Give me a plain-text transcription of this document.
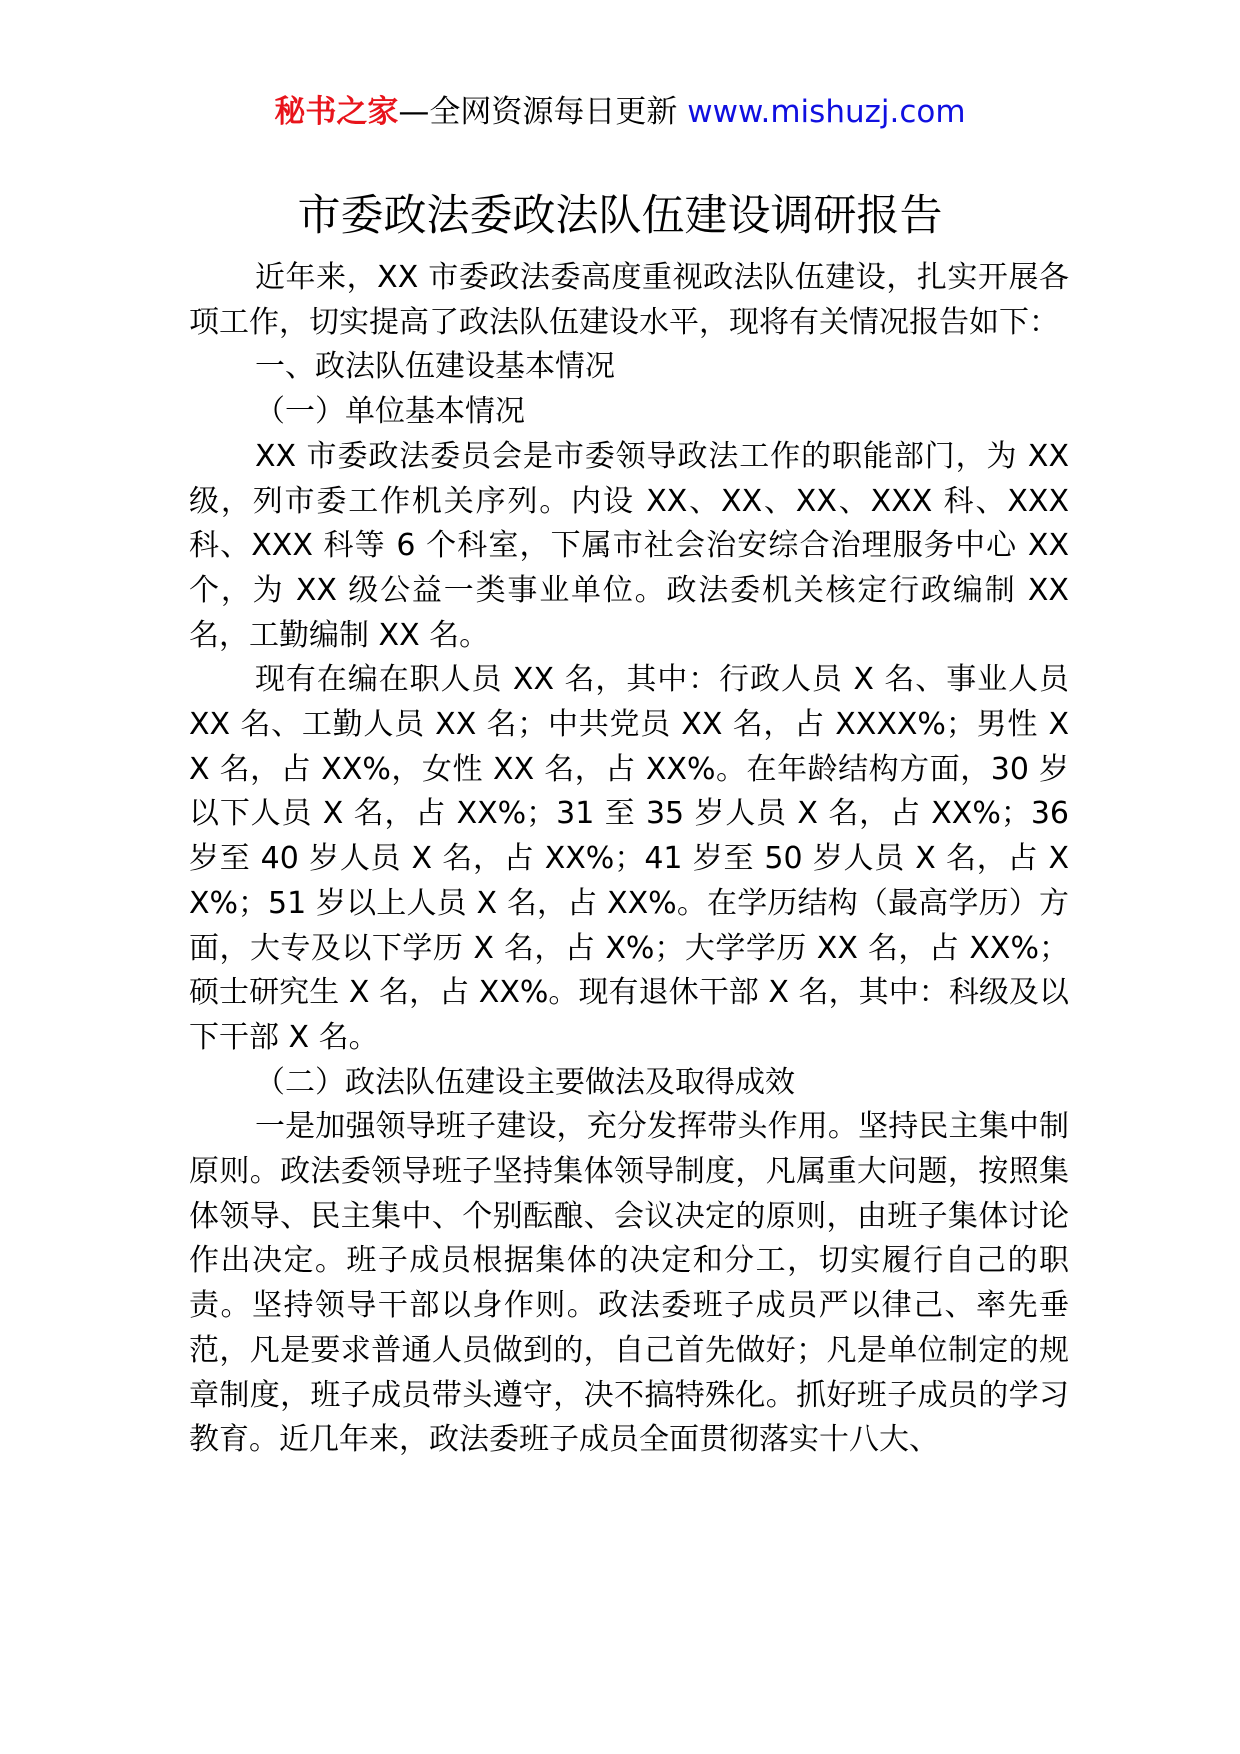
秘书之家—全网资源每日更新 www.mishuzj.com
市委政法委政法队伍建设调研报告

近年来，XX 市委政法委高度重视政法队伍建设，扎实开展各项工作，切实提高了政法队伍建设水平，现将有关情况报告如下：

一、政法队伍建设基本情况

（一）单位基本情况

XX 市委政法委员会是市委领导政法工作的职能部门，为 XX 级，列市委工作机关序列。内设 XX、XX、XX、XXX 科、XXX 科、XXX 科等 6 个科室，下属市社会治安综合治理服务中心 XX 个，为 XX 级公益一类事业单位。政法委机关核定行政编制 XX 名，工勤编制 XX 名。

现有在编在职人员 XX 名，其中：行政人员 X 名、事业人员 XX 名、工勤人员 XX 名；中共党员 XX 名，占 XXXX%；男性 XX 名，占 XX%，女性 XX 名，占 XX%。在年龄结构方面，30 岁以下人员 X 名，占 XX%；31 至 35 岁人员 X 名，占 XX%；36 岁至 40 岁人员 X 名，占 XX%；41 岁至 50 岁人员 X 名，占 XX%；51 岁以上人员 X 名，占 XX%。在学历结构（最高学历）方面，大专及以下学历 X 名，占 X%；大学学历 XX 名，占 XX%；硕士研究生 X 名，占 XX%。现有退休干部 X 名，其中：科级及以下干部 X 名。

（二）政法队伍建设主要做法及取得成效

一是加强领导班子建设，充分发挥带头作用。坚持民主集中制原则。政法委领导班子坚持集体领导制度，凡属重大问题，按照集体领导、民主集中、个别酝酿、会议决定的原则，由班子集体讨论作出决定。班子成员根据集体的决定和分工，切实履行自己的职责。坚持领导干部以身作则。政法委班子成员严以律己、率先垂范，凡是要求普通人员做到的，自己首先做好；凡是单位制定的规章制度，班子成员带头遵守，决不搞特殊化。抓好班子成员的学习教育。近几年来，政法委班子成员全面贯彻落实十八大、
